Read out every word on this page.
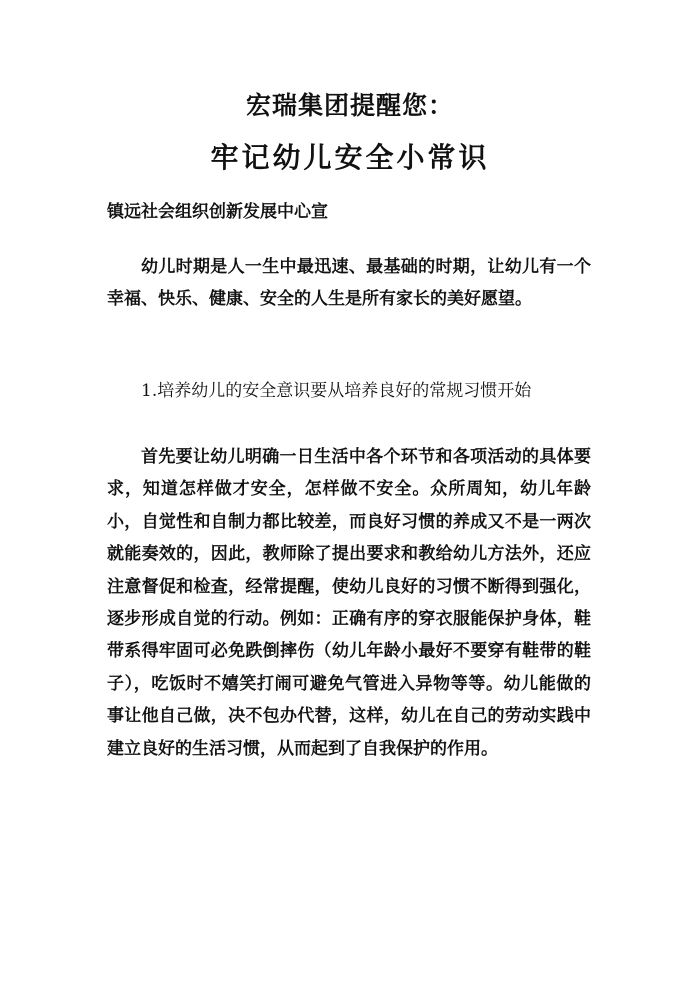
宏瑞集团提醒您：
牢记幼儿安全小常识
镇远社会组织创新发展中心宣

幼儿时期是人一生中最迅速、最基础的时期，让幼儿有一个幸福、快乐、健康、安全的人生是所有家长的美好愿望。

1.培养幼儿的安全意识要从培养良好的常规习惯开始

首先要让幼儿明确一日生活中各个环节和各项活动的具体要求，知道怎样做才安全，怎样做不安全。众所周知，幼儿年龄小，自觉性和自制力都比较差，而良好习惯的养成又不是一两次就能奏效的，因此，教师除了提出要求和教给幼儿方法外，还应注意督促和检查，经常提醒，使幼儿良好的习惯不断得到强化，逐步形成自觉的行动。例如：正确有序的穿衣服能保护身体，鞋带系得牢固可必免跌倒摔伤（幼儿年龄小最好不要穿有鞋带的鞋子），吃饭时不嬉笑打闹可避免气管进入异物等等。幼儿能做的事让他自己做，决不包办代替，这样，幼儿在自己的劳动实践中建立良好的生活习惯，从而起到了自我保护的作用。
